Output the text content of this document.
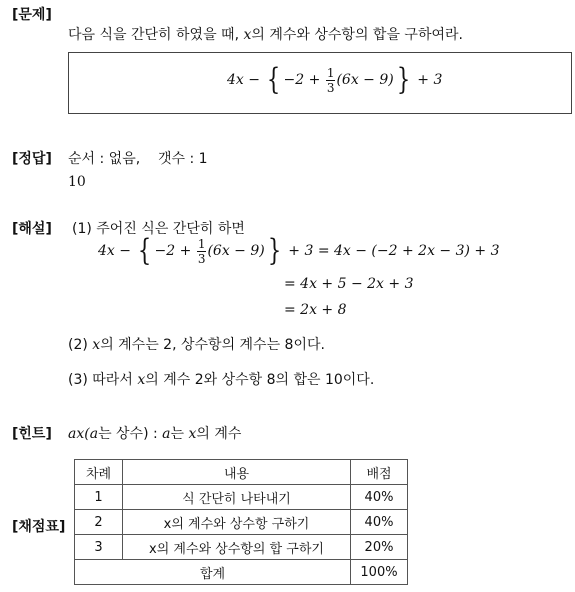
[문제]
다음 식을 간단히 하였을 때, x의 계수와 상수항의 합을 구하여라.
4x − { $-2 + \frac{1}{3} (6x - 9)\} + 3$
[정답] 순서 : 없음, 갯수 : 1
10
[해설] (1) 주어진 식은 간단히 하면
4x − { $-2 + \frac{1}{3} (6x - 9)\} + 3 = 4x - (-2 + 2x - 3) + 3$
= 4x + 5 − 2x + 3
= 2x + 8
(2) x의 계수는 2, 상수항의 계수는 8이다.
(3) 따라서 x의 계수 2와 상수항 8의 합은 10이다.
[힌트] ax(a는 상수) : a는 x의 계수
[채점표]
차례	내용	배점
1	식 간단히 나타내기	40%
2	x의 계수와 상수항 구하기	40%
3	x의 계수와 상수항의 합 구하기	20%
합계		100%
